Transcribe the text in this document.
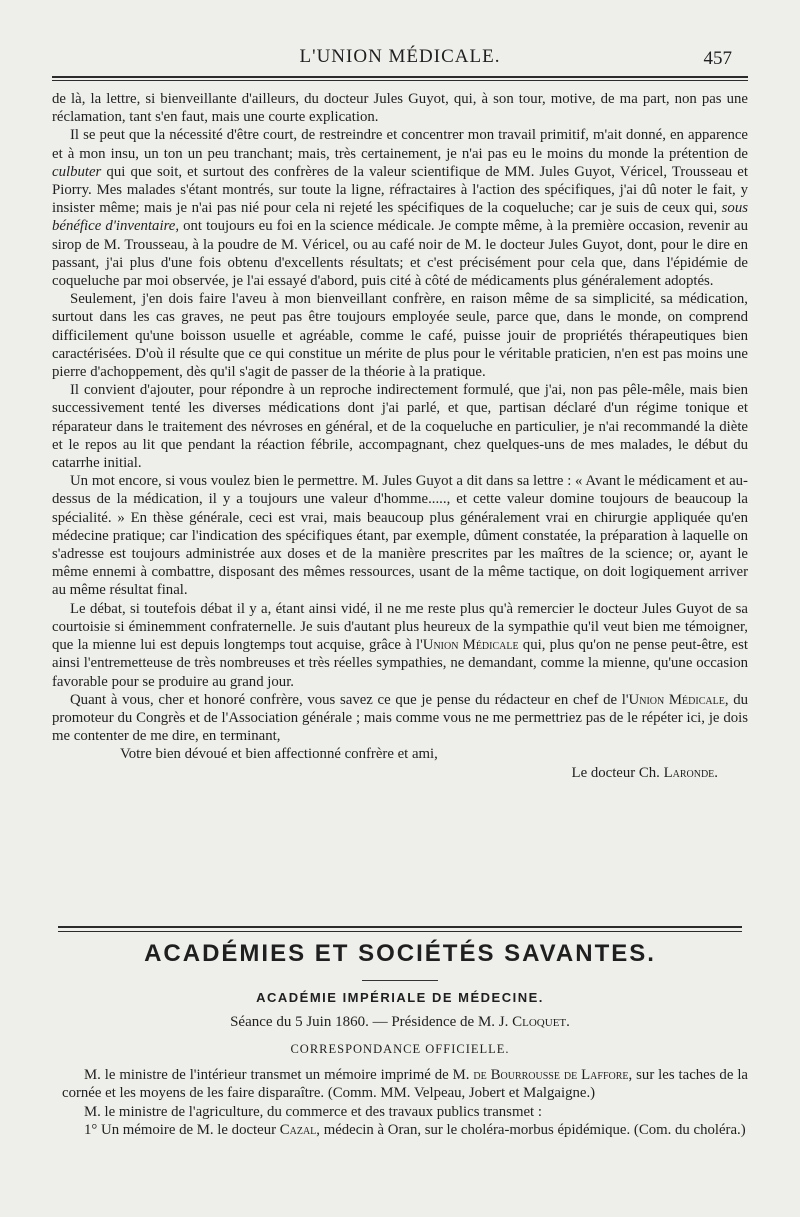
L'UNION MÉDICALE.	457

de là, la lettre, si bienveillante d'ailleurs, du docteur Jules Guyot, qui, à son tour, motive, de ma part, non pas une réclamation, tant s'en faut, mais une courte explication.

Il se peut que la nécessité d'être court, de restreindre et concentrer mon travail primitif, m'ait donné, en apparence et à mon insu, un ton un peu tranchant; mais, très certainement, je n'ai pas eu le moins du monde la prétention de culbuter qui que soit, et surtout des confrères de la valeur scientifique de MM. Jules Guyot, Véricel, Trousseau et Piorry. Mes malades s'étant montrés, sur toute la ligne, réfractaires à l'action des spécifiques, j'ai dû noter le fait, y insister même; mais je n'ai pas nié pour cela ni rejeté les spécifiques de la coqueluche; car je suis de ceux qui, sous bénéfice d'inventaire, ont toujours eu foi en la science médicale. Je compte même, à la première occasion, revenir au sirop de M. Trousseau, à la poudre de M. Véricel, ou au café noir de M. le docteur Jules Guyot, dont, pour le dire en passant, j'ai plus d'une fois obtenu d'excellents résultats; et c'est précisément pour cela que, dans l'épidémie de coqueluche par moi observée, je l'ai essayé d'abord, puis cité à côté de médicaments plus généralement adoptés.

Seulement, j'en dois faire l'aveu à mon bienveillant confrère, en raison même de sa simplicité, sa médication, surtout dans les cas graves, ne peut pas être toujours employée seule, parce que, dans le monde, on comprend difficilement qu'une boisson usuelle et agréable, comme le café, puisse jouir de propriétés thérapeutiques bien caractérisées. D'où il résulte que ce qui constitue un mérite de plus pour le véritable praticien, n'en est pas moins une pierre d'achoppement, dès qu'il s'agit de passer de la théorie à la pratique.

Il convient d'ajouter, pour répondre à un reproche indirectement formulé, que j'ai, non pas pêle-mêle, mais bien successivement tenté les diverses médications dont j'ai parlé, et que, partisan déclaré d'un régime tonique et réparateur dans le traitement des névroses en général, et de la coqueluche en particulier, je n'ai recommandé la diète et le repos au lit que pendant la réaction fébrile, accompagnant, chez quelques-uns de mes malades, le début du catarrhe initial.

Un mot encore, si vous voulez bien le permettre. M. Jules Guyot a dit dans sa lettre : « Avant le médicament et au-dessus de la médication, il y a toujours une valeur d'homme....., et cette valeur domine toujours de beaucoup la spécialité. » En thèse générale, ceci est vrai, mais beaucoup plus généralement vrai en chirurgie appliquée qu'en médecine pratique; car l'indication des spécifiques étant, par exemple, dûment constatée, la préparation à laquelle on s'adresse est toujours administrée aux doses et de la manière prescrites par les maîtres de la science; or, ayant le même ennemi à combattre, disposant des mêmes ressources, usant de la même tactique, on doit logiquement arriver au même résultat final.

Le débat, si toutefois débat il y a, étant ainsi vidé, il ne me reste plus qu'à remercier le docteur Jules Guyot de sa courtoisie si éminemment confraternelle. Je suis d'autant plus heureux de la sympathie qu'il veut bien me témoigner, que la mienne lui est depuis longtemps tout acquise, grâce à l'Union Médicale qui, plus qu'on ne pense peut-être, est ainsi l'entremetteuse de très nombreuses et très réelles sympathies, ne demandant, comme la mienne, qu'une occasion favorable pour se produire au grand jour.

Quant à vous, cher et honoré confrère, vous savez ce que je pense du rédacteur en chef de l'Union Médicale, du promoteur du Congrès et de l'Association générale ; mais comme vous ne me permettriez pas de le répéter ici, je dois me contenter de me dire, en terminant,

Votre bien dévoué et bien affectionné confrère et ami,

Le docteur Ch. Laronde.

ACADÉMIES ET SOCIÉTÉS SAVANTES.
ACADÉMIE IMPÉRIALE DE MÉDECINE.
Séance du 5 Juin 1860. — Présidence de M. J. Cloquet.
CORRESPONDANCE OFFICIELLE.

M. le ministre de l'intérieur transmet un mémoire imprimé de M. de Bourrousse de Laffore, sur les taches de la cornée et les moyens de les faire disparaître. (Comm. MM. Velpeau, Jobert et Malgaigne.)

M. le ministre de l'agriculture, du commerce et des travaux publics transmet :

1° Un mémoire de M. le docteur Cazal, médecin à Oran, sur le choléra-morbus épidémique. (Com. du choléra.)
